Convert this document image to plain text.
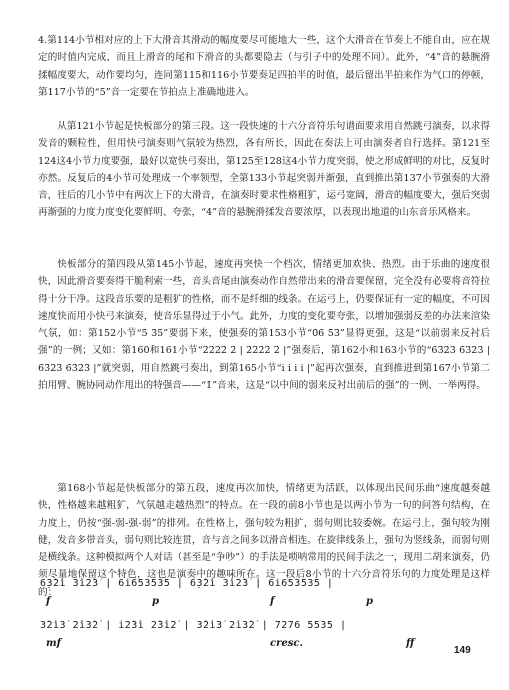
4.第114小节相对应的上下大滑音其滑动的幅度要尽可能地大一些，这个大滑音在节奏上不能自由，应在规定的时值内完成，而且上滑音的尾和下滑音的头都要隐去（与引子中的处理不同）。此外，“4”音的悬腕滑揉幅度要大，动作要均匀，连同第115和116小节要奏足四拍半的时值，最后留出半拍来作为气口的停顿，第117小节的“5”音一定要在节拍点上准确地进入。

从第121小节起是快板部分的第三段。这一段快速的十六分音符乐句谱面要求用自然跳弓演奏，以求得发音的颗粒性，但用快弓演奏则气氛较为热烈，各有所长，因此在奏法上可由演奏者自行选择。第121至124这4小节力度要强，最好以宽快弓奏出，第125至128这4小节力度突弱，使之形成鲜明的对比，反复时亦然。反复后的4小节可处理成一个率领型，全第133小节起突弱并渐强，直到推出第137小节强奏的大滑音，往后的几小节中有两次上下的大滑音，在演奏时要求性格粗犷，运弓宽阔，滑音的幅度要大，强后突弱再渐强的力度力度变化要鲜明、夸张，“4”音的悬腕滑揉发音要浓厚，以表现出地道的山东音乐风格来。

快板部分的第四段从第145小节起，速度再突快一个档次，情绪更加欢快、热烈。由于乐曲的速度很快，因此滑音要奏得干脆利索一些，音头音尾由演奏动作自然带出来的滑音要保留，完全没有必要将音符拉得十分干净。这段音乐要的是粗犷的性格，而不是纤细的线条。在运弓上，仍要保证有一定的幅度，不可因速度快而用小快弓来演奏，使音乐显得过于小气。此外，力度的变化要夸张，以增加强弱反差的办法来渲染气氛，如：第152小节“5̇ 3̇5̇”要弱下来，使强奏的第153小节“0̇6̇ 5̇3̇”显得更强，这是“以前弱来反衬后强”的一例；又如：第160和161小节“2̇2̇2̇2̇ 2̇ | 2̇2̇2̇2̇ 2̇ |”强奏后，第162小和163小节的“6̇3̇2̇3̇ 6̇3̇2̇3̇ | 6̇3̇2̇3̇ 6̇3̇2̇3̇ |”就突弱，用自然跳弓奏出，到第165小节“i i̇ i i̇ |”起再次强奏，直到推进到第167小节第二拍用臂、腕协同动作甩出的特强音——“1̇”音来，这是“以中间的弱来反衬出前后的强”的一例、一举两得。

第168小节起是快板部分的第五段，速度再次加快，情绪更为活跃，以体现出民间乐曲“速度越奏越快，性格越来越粗犷，气氛越走越热烈”的特点。在一段的前8小节也是以两小节为一句的问答句结构，在力度上，仍按“强-弱-强-弱”的排列。在性格上，强句较为粗扩，弱句则比较委婉。在运弓上，强句较为刚健，发音多带音头，弱句则比较连贯，音与音之间多以滑音相连。在旋律线条上，强句为竖线条，而弱句则是横线条。这种模拟两个人对话（甚至是“争吵”）的手法是唢呐常用的民间手法之一，现用二胡来演奏，仍须尽量地保留这个特色，这也是演奏中的趣味所在。这一段后8小节的十六分音符乐句的力度处理是这样的：

6̣3̇2̇i 3̇i2̇3̇ | 6i653535 | 6̣3̇2̇i 3̇i2̇3̇ | 6i653535 |
f	p	f	p
3̇2̇i3̇ 2̇i3̇2̇ | i2̇3̇i 2̇3̇i2̇ | 3̇2̇i3̇ 2̇i3̇2̇ | 7276 5535 |
mf	cresc.	ff
149
